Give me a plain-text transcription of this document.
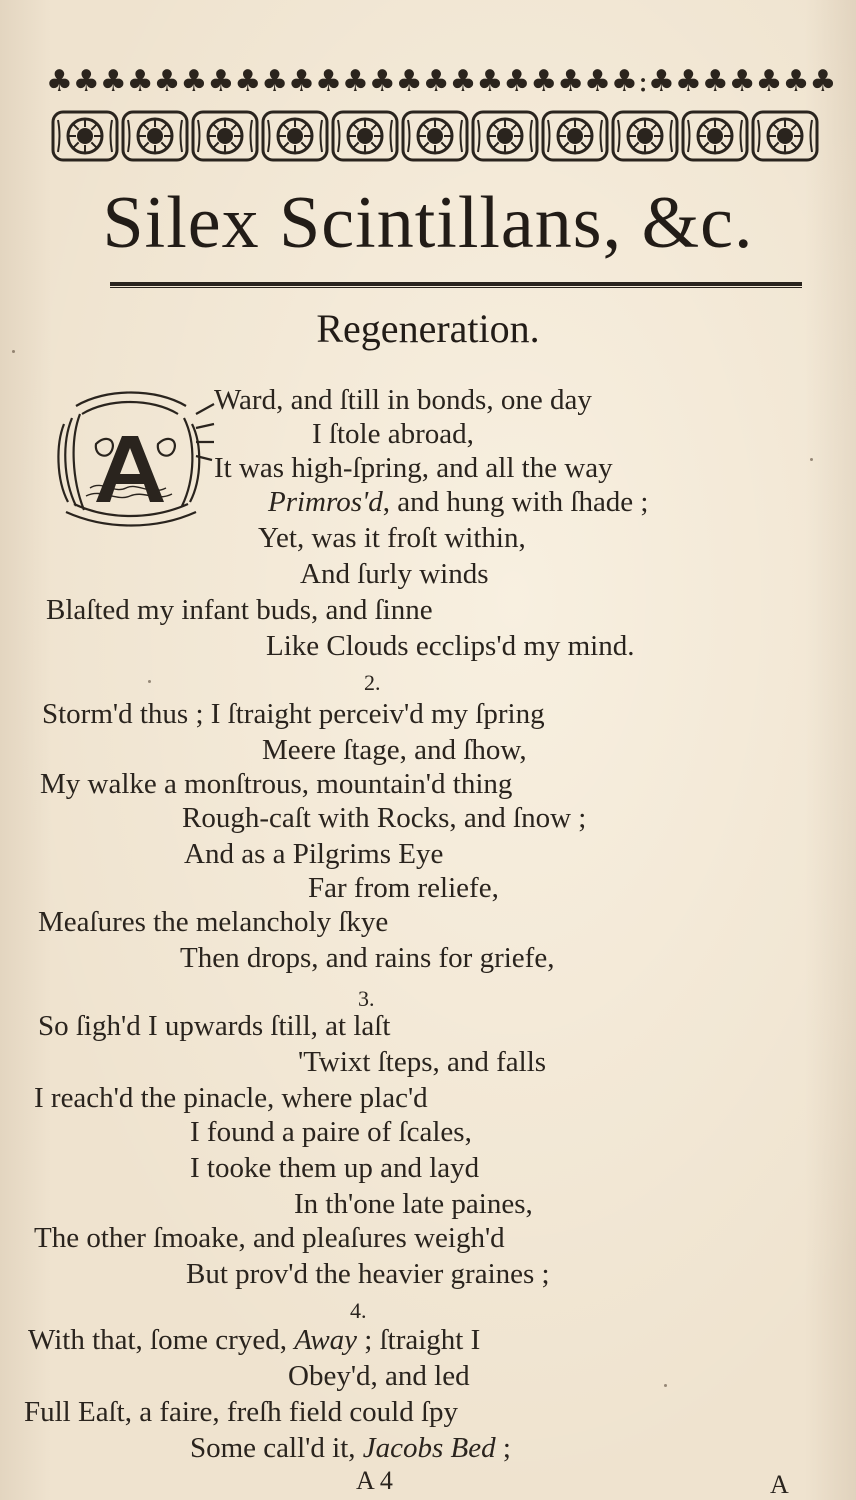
♣ ♣ ♣ ♣ ♣ ♣ ♣ ♣ ♣ ♣ ♣ ♣ ♣ ♣ ♣ ♣ ♣ ♣ ♣ ♣ ♣ ♣ : ♣ ♣ ♣ ♣ ♣ ♣ ♣
Silex Scintillans, &c.
Regeneration.
A
Ward, and ſtill in bonds, one day
I ſtole abroad,
It was high-ſpring, and all the way
Primros'd, and hung with ſhade ;
Yet, was it froſt within,
And ſurly winds
Blaſted my infant buds, and ſinne
Like Clouds ecclips'd my mind.
2.
Storm'd thus ; I ſtraight perceiv'd my ſpring
Meere ſtage, and ſhow,
My walke a monſtrous, mountain'd thing
Rough-caſt with Rocks, and ſnow ;
And as a Pilgrims Eye
Far from reliefe,
Meaſures the melancholy ſkye
Then drops, and rains for griefe,
3.
So ſigh'd I upwards ſtill, at laſt
'Twixt ſteps, and falls
I reach'd the pinacle, where plac'd
I found a paire of ſcales,
I tooke them up and layd
In th'one late paines,
The other ſmoake, and pleaſures weigh'd
But prov'd the heavier graines ;
4.
With that, ſome cryed, Away ; ſtraight I
Obey'd, and led
Full Eaſt, a faire, freſh field could ſpy
Some call'd it, Jacobs Bed ;
A 4	A
